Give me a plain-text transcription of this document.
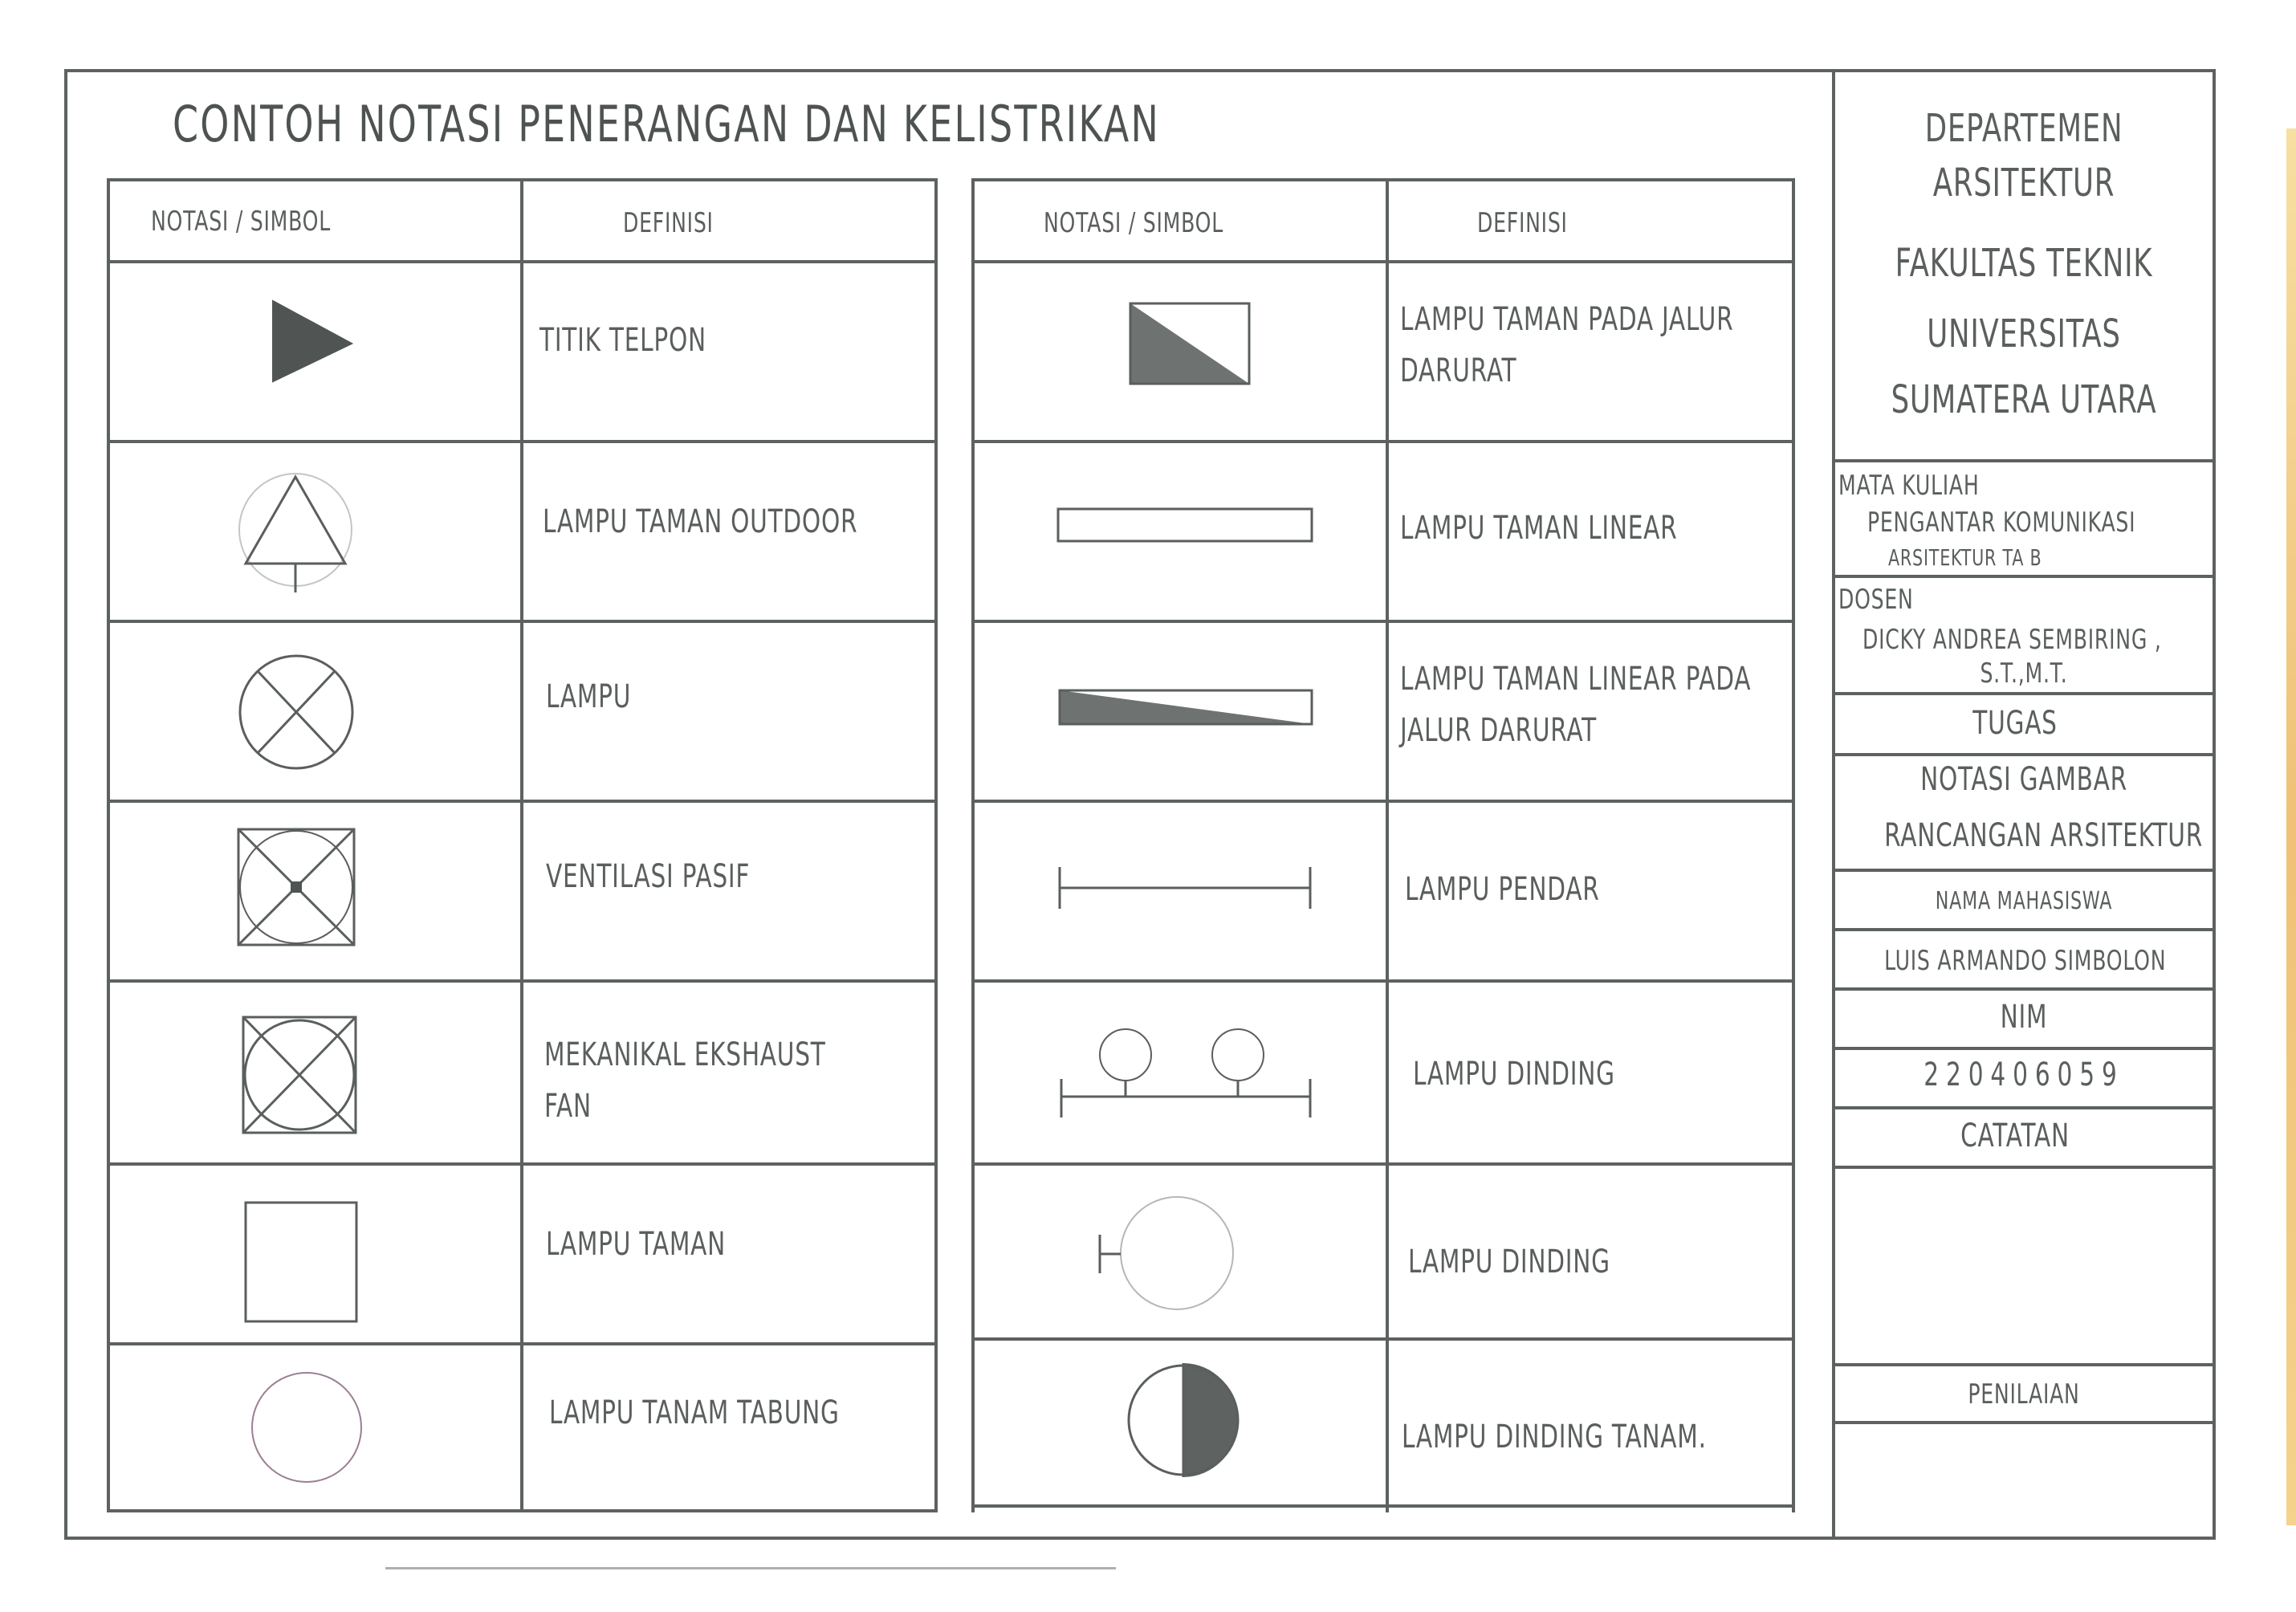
CONTOH NOTASI PENERANGAN DAN KELISTRIKAN
NOTASI / SIMBOL	DEFINISI
TITIK TELPON
LAMPU TAMAN OUTDOOR
LAMPU
VENTILASI PASIF
MEKANIKAL EKSHAUST
FAN
LAMPU TAMAN
LAMPU TANAM TABUNG
NOTASI / SIMBOL	DEFINISI
LAMPU TAMAN PADA JALUR
DARURAT
LAMPU TAMAN LINEAR
LAMPU TAMAN LINEAR PADA
JALUR DARURAT
LAMPU PENDAR
LAMPU DINDING
LAMPU DINDING
LAMPU DINDING TANAM.
DEPARTEMEN
ARSITEKTUR
FAKULTAS TEKNIK
UNIVERSITAS
SUMATERA UTARA
MATA KULIAH
PENGANTAR KOMUNIKASI
ARSITEKTUR TA B
DOSEN
DICKY ANDREA SEMBIRING ,
S.T.,M.T.
TUGAS
NOTASI GAMBAR
RANCANGAN ARSITEKTUR
NAMA MAHASISWA
LUIS ARMANDO SIMBOLON
NIM
220406059
CATATAN
PENILAIAN
